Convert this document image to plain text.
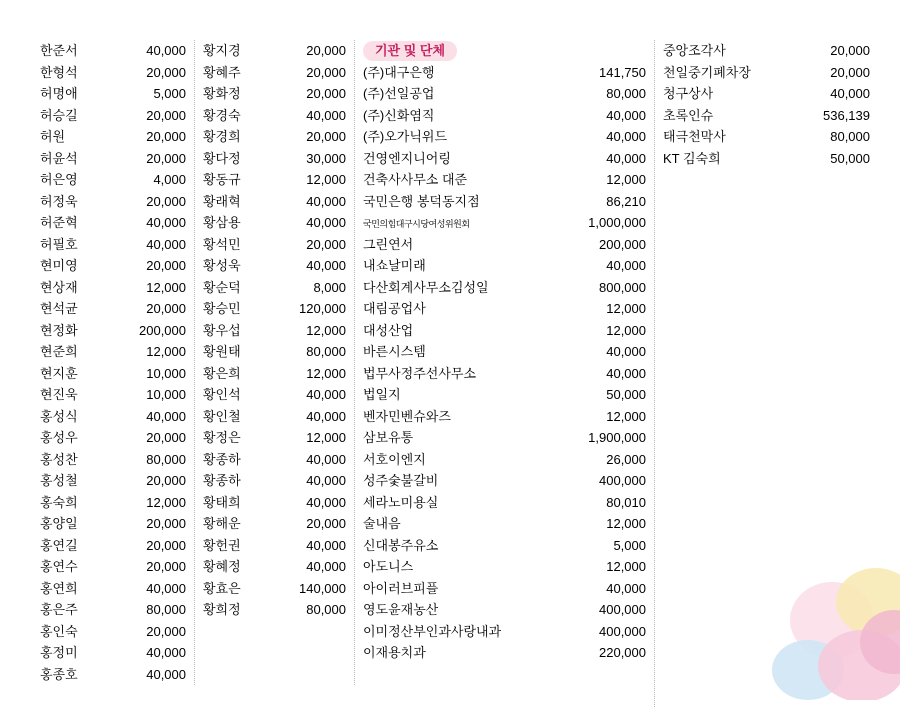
한준서	40,000
한형석	20,000
허명애	5,000
허승길	20,000
허원	20,000
허윤석	20,000
허은영	4,000
허정욱	20,000
허준혁	40,000
허필호	40,000
현미영	20,000
현상재	12,000
현석균	20,000
현정화	200,000
현준희	12,000
현지훈	10,000
현진욱	10,000
홍성식	40,000
홍성우	20,000
홍성찬	80,000
홍성철	20,000
홍숙희	12,000
홍양일	20,000
홍연길	20,000
홍연수	20,000
홍연희	40,000
홍은주	80,000
홍인숙	20,000
홍정미	40,000
홍종호	40,000
황지경	20,000
황혜주	20,000
황화정	20,000
황경숙	40,000
황경희	20,000
황다정	30,000
황동규	12,000
황래혁	40,000
황삼용	40,000
황석민	20,000
황성욱	40,000
황순덕	8,000
황승민	120,000
황우섭	12,000
황원태	80,000
황은희	12,000
황인석	40,000
황인철	40,000
황정은	12,000
황종하	40,000
황종하	40,000
황태희	40,000
황해운	20,000
황헌권	40,000
황혜정	40,000
황효은	140,000
황희정	80,000
기관 및 단체
(주)대구은행	141,750
(주)선일공업	80,000
(주)신화염직	40,000
(주)오가닉위드	40,000
건영엔지니어링	40,000
건축사사무소 대준	12,000
국민은행 봉덕동지점	86,210
국민의힘대구시당여성위원회	1,000,000
그린연서	200,000
내쇼날미래	40,000
다산회계사무소김성일	800,000
대림공업사	12,000
대성산업	12,000
바른시스템	40,000
법무사정주선사무소	40,000
법일지	50,000
벤자민벤슈와즈	12,000
삼보유통	1,900,000
서호이엔지	26,000
성주숯불갈비	400,000
세라노미용실	80,010
술내음	12,000
신대봉주유소	5,000
아도니스	12,000
아이러브피플	40,000
영도윤재농산	400,000
이미정산부인과사랑내과	400,000
이재용치과	220,000
중앙조각사	20,000
천일중기폐차장	20,000
청구상사	40,000
초록인슈	536,139
태극천막사	80,000
KT 김숙희	50,000
